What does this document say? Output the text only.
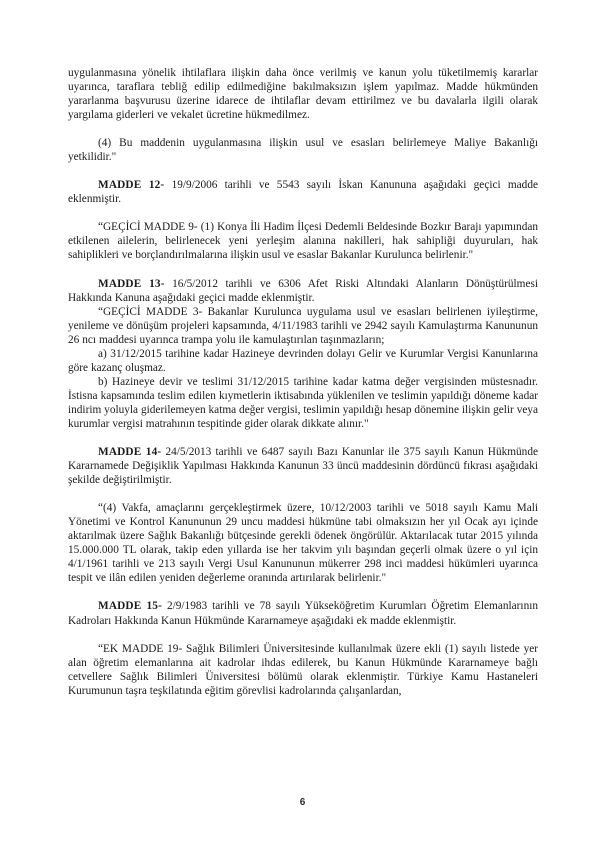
uygulanmasına yönelik ihtilaflara ilişkin daha önce verilmiş ve kanun yolu tüketilmemiş kararlar uyarınca, taraflara tebliğ edilip edilmediğine bakılmaksızın işlem yapılmaz. Madde hükmünden yararlanma başvurusu üzerine idarece de ihtilaflar devam ettirilmez ve bu davalarla ilgili olarak yargılama giderleri ve vekalet ücretine hükmedilmez.

(4) Bu maddenin uygulanmasına ilişkin usul ve esasları belirlemeye Maliye Bakanlığı yetkilidir."

MADDE 12- 19/9/2006 tarihli ve 5543 sayılı İskan Kanununa aşağıdaki geçici madde eklenmiştir.

“GEÇİCİ MADDE 9- (1) Konya İli Hadim İlçesi Dedemli Beldesinde Bozkır Barajı yapımından etkilenen ailelerin, belirlenecek yeni yerleşim alanına nakilleri, hak sahipliği duyuruları, hak sahiplikleri ve borçlandırılmalarına ilişkin usul ve esaslar Bakanlar Kurulunca belirlenir."

MADDE 13- 16/5/2012 tarihli ve 6306 Afet Riski Altındaki Alanların Dönüştürülmesi Hakkında Kanuna aşağıdaki geçici madde eklenmiştir.

“GEÇİCİ MADDE 3- Bakanlar Kurulunca uygulama usul ve esasları belirlenen iyileştirme, yenileme ve dönüşüm projeleri kapsamında, 4/11/1983 tarihli ve 2942 sayılı Kamulaştırma Kanununun 26 ncı maddesi uyarınca trampa yolu ile kamulaştırılan taşınmazların;

a) 31/12/2015 tarihine kadar Hazineye devrinden dolayı Gelir ve Kurumlar Vergisi Kanunlarına göre kazanç oluşmaz.

b) Hazineye devir ve teslimi 31/12/2015 tarihine kadar katma değer vergisinden müstesnadır. İstisna kapsamında teslim edilen kıymetlerin iktisabında yüklenilen ve teslimin yapıldığı döneme kadar indirim yoluyla giderilemeyen katma değer vergisi, teslimin yapıldığı hesap dönemine ilişkin gelir veya kurumlar vergisi matrahının tespitinde gider olarak dikkate alınır."

MADDE 14- 24/5/2013 tarihli ve 6487 sayılı Bazı Kanunlar ile 375 sayılı Kanun Hükmünde Kararnamede Değişiklik Yapılması Hakkında Kanunun 33 üncü maddesinin dördüncü fıkrası aşağıdaki şekilde değiştirilmiştir.

“(4) Vakfa, amaçlarını gerçekleştirmek üzere, 10/12/2003 tarihli ve 5018 sayılı Kamu Mali Yönetimi ve Kontrol Kanununun 29 uncu maddesi hükmüne tabi olmaksızın her yıl Ocak ayı içinde aktarılmak üzere Sağlık Bakanlığı bütçesinde gerekli ödenek öngörülür. Aktarılacak tutar 2015 yılında 15.000.000 TL olarak, takip eden yıllarda ise her takvim yılı başından geçerli olmak üzere o yıl için 4/1/1961 tarihli ve 213 sayılı Vergi Usul Kanununun mükerrer 298 inci maddesi hükümleri uyarınca tespit ve ilân edilen yeniden değerleme oranında artırılarak belirlenir."

MADDE 15- 2/9/1983 tarihli ve 78 sayılı Yükseköğretim Kurumları Öğretim Elemanlarının Kadroları Hakkında Kanun Hükmünde Kararnameye aşağıdaki ek madde eklenmiştir.

“EK MADDE 19- Sağlık Bilimleri Üniversitesinde kullanılmak üzere ekli (1) sayılı listede yer alan öğretim elemanlarına ait kadrolar ihdas edilerek, bu Kanun Hükmünde Kararnameye bağlı cetvellere Sağlık Bilimleri Üniversitesi bölümü olarak eklenmiştir. Türkiye Kamu Hastaneleri Kurumunun taşra teşkilatında eğitim görevlisi kadrolarında çalışanlardan,

6
